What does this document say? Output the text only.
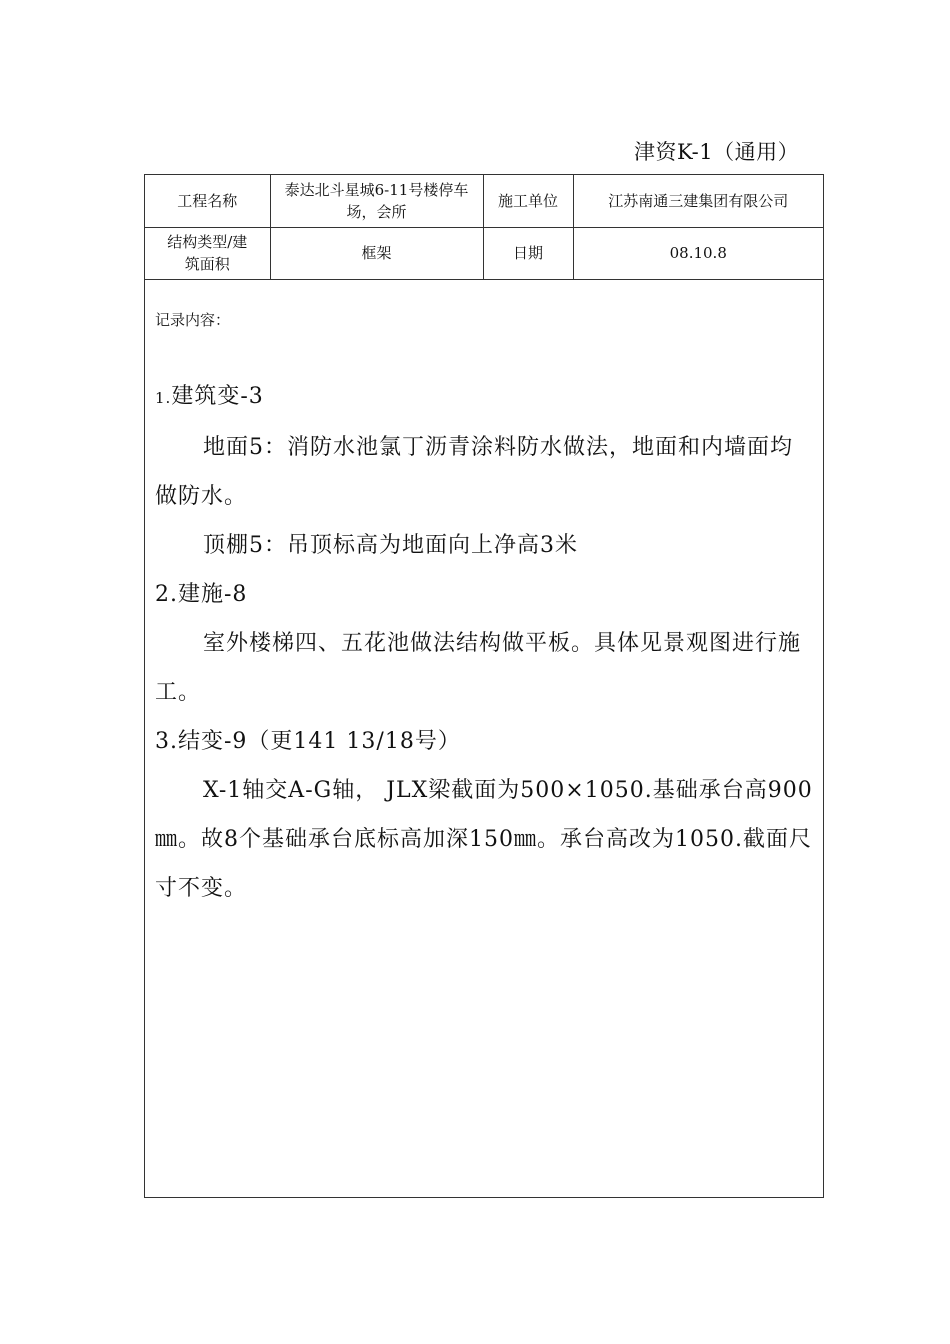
津资K-1（通用）
工程名称	泰达北斗星城6-11号楼停车场，会所	施工单位	江苏南通三建集团有限公司
结构类型/建筑面积	框架	日期	08.10.8
记录内容：

1.建筑变-3

地面5：消防水池氯丁沥青涂料防水做法，地面和内墙面均做防水。

顶棚5：吊顶标高为地面向上净高3米

2.建施-8

室外楼梯四、五花池做法结构做平板。具体见景观图进行施工。

3.结变-9（更141 13/18号）

X-1轴交A-G轴， JLX梁截面为500×1050.基础承台高900㎜。故8个基础承台底标高加深150㎜。承台高改为1050.截面尺寸不变。
